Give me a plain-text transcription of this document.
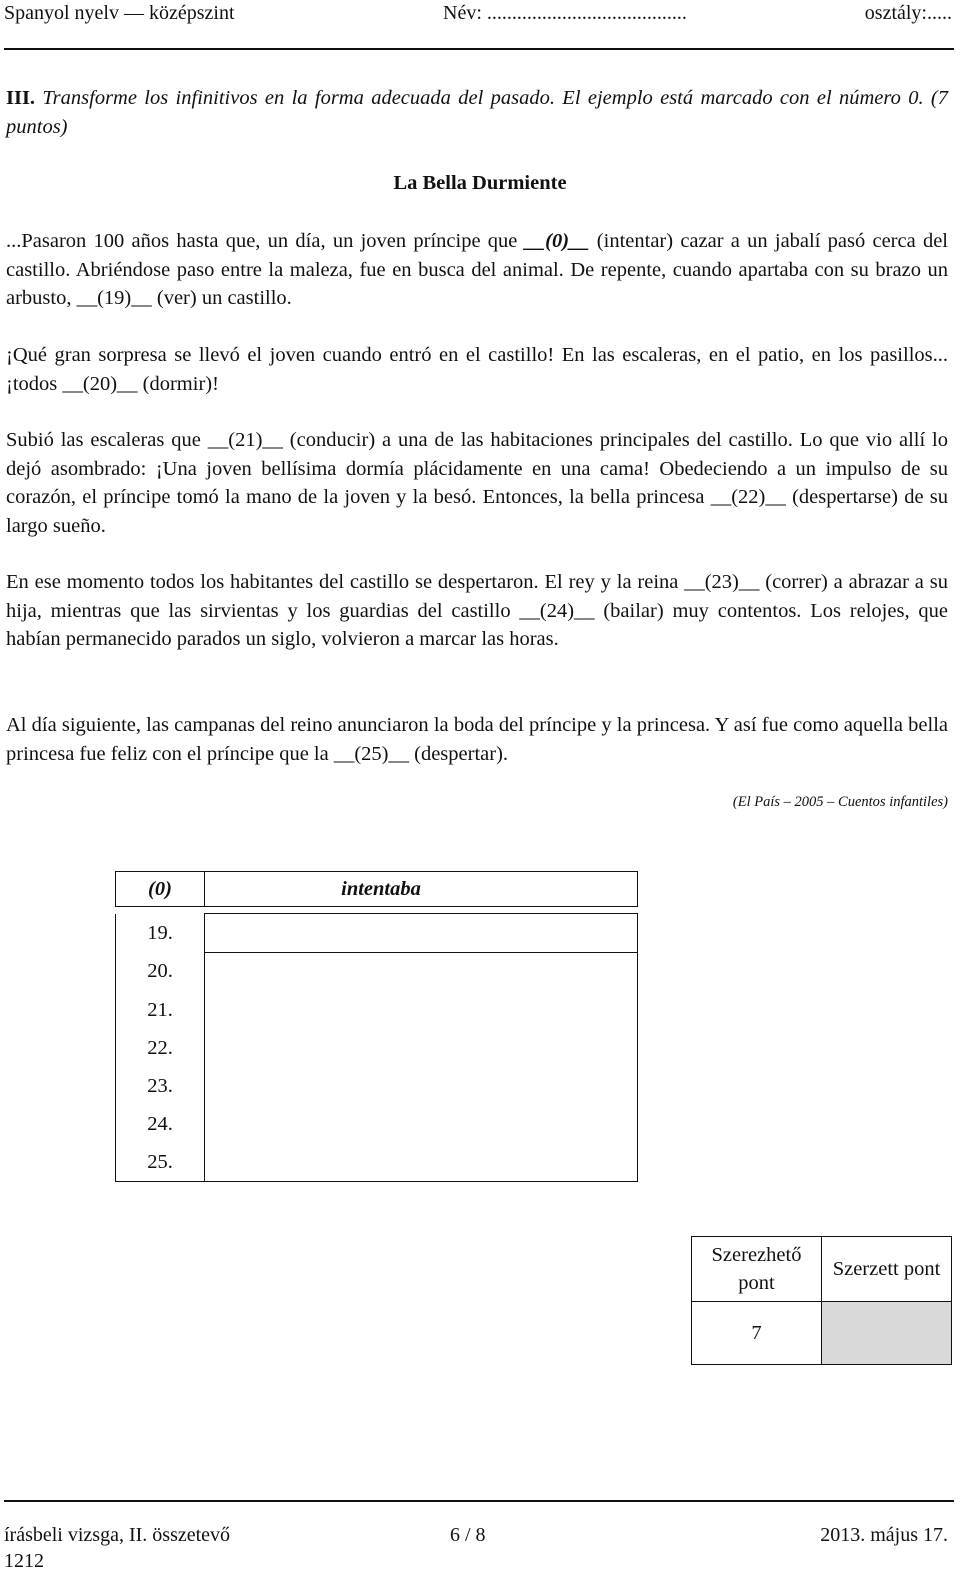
Spanyol nyelv — középszint	Név: ........................................	osztály:.....
III. Transforme los infinitivos en la forma adecuada del pasado. El ejemplo está marcado con el número 0. (7 puntos)
La Bella Durmiente
...Pasaron 100 años hasta que, un día, un joven príncipe que __(0)__ (intentar) cazar a un jabalí pasó cerca del castillo. Abriéndose paso entre la maleza, fue en busca del animal. De repente, cuando apartaba con su brazo un arbusto, __(19)__ (ver) un castillo.
¡Qué gran sorpresa se llevó el joven cuando entró en el castillo! En las escaleras, en el patio, en los pasillos... ¡todos __(20)__ (dormir)!
Subió las escaleras que __(21)__ (conducir) a una de las habitaciones principales del castillo. Lo que vio allí lo dejó asombrado: ¡Una joven bellísima dormía plácidamente en una cama! Obedeciendo a un impulso de su corazón, el príncipe tomó la mano de la joven y la besó. Entonces, la bella princesa __(22)__ (despertarse) de su largo sueño.
En ese momento todos los habitantes del castillo se despertaron. El rey y la reina __(23)__ (correr) a abrazar a su hija, mientras que las sirvientas y los guardias del castillo __(24)__ (bailar) muy contentos. Los relojes, que habían permanecido parados un siglo, volvieron a marcar las horas.
Al día siguiente, las campanas del reino anunciaron la boda del príncipe y la princesa. Y así fue como aquella bella princesa fue feliz con el príncipe que la __(25)__ (despertar).
(El País – 2005 – Cuentos infantiles)
(0)	intentaba

19.	
20.	
21.	
22.	
23.	
24.	
25.	
Szerezhető pont	Szerzett pont
7	
írásbeli vizsga, II. összetevő	6 / 8	2013. május 17.
1212
